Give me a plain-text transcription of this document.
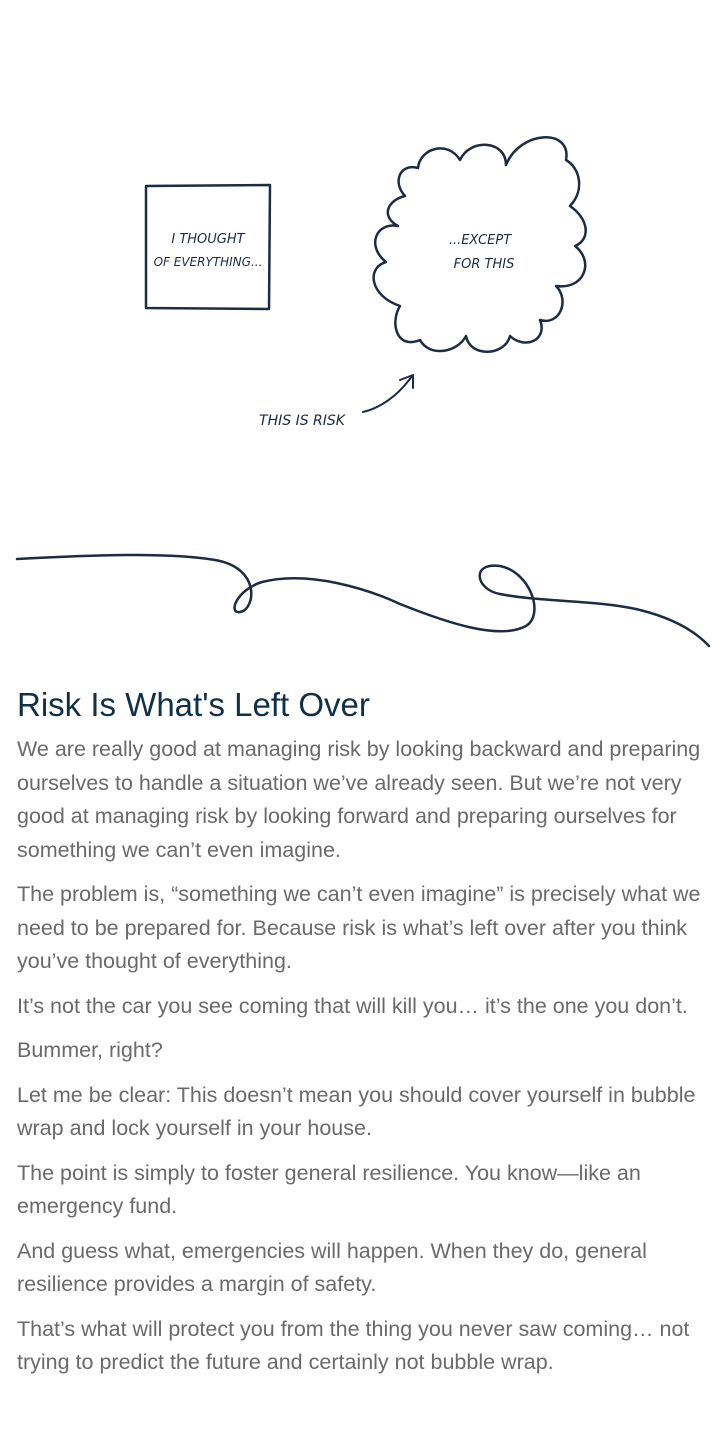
I THOUGHT
OF EVERYTHING...
...EXCEPT
FOR THIS
THIS IS RISK
Risk Is What's Left Over

We are really good at managing risk by looking backward and preparing ourselves to handle a situation we’ve already seen. But we’re not very good at managing risk by looking forward and preparing ourselves for something we can’t even imagine.

The problem is, “something we can’t even imagine” is precisely what we need to be prepared for. Because risk is what’s left over after you think you’ve thought of everything.

It’s not the car you see coming that will kill you… it’s the one you don’t.

Bummer, right?

Let me be clear: This doesn’t mean you should cover yourself in bubble wrap and lock yourself in your house.

The point is simply to foster general resilience. You know—like an emergency fund.

And guess what, emergencies will happen. When they do, general resilience provides a margin of safety.

That’s what will protect you from the thing you never saw coming… not trying to predict the future and certainly not bubble wrap.
